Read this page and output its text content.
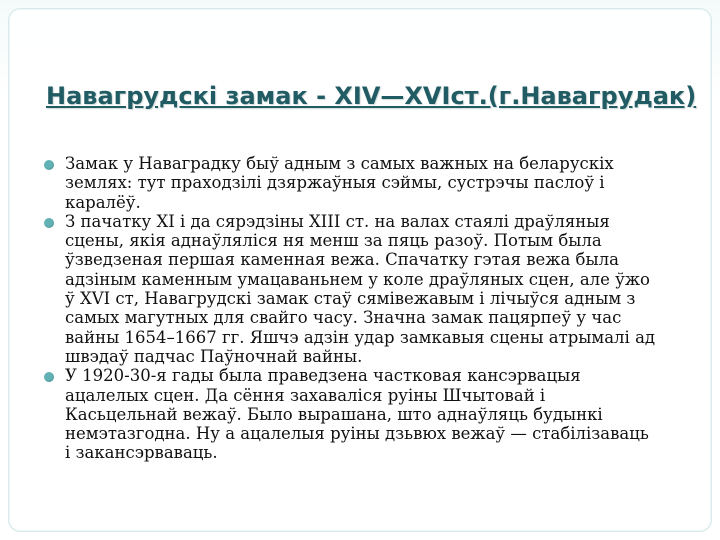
Навагрудскі замак - XIV—XVIст.(г.Навагрудак)
Замак у Наваградку быў адным з самых важных на беларускіх
землях: тут праходзілі дзяржаўныя сэймы, сустрэчы паслоў і
каралёў.
З пачатку XI і да сярэдзіны XIII ст. на валах стаялі драўляныя
сцены, якія аднаўляліся ня менш за пяць разоў. Потым была
ўзведзеная першая каменная вежа. Спачатку гэтая вежа была
адзіным каменным умацаваньнем у коле драўляных сцен, але ўжо
ў XVI ст, Навагрудскі замак стаў сямівежавым і лічыўся адным з
самых магутных для свайго часу. Значна замак пацярпеў у час
вайны 1654–1667 гг. Яшчэ адзін удар замкавыя сцены атрымалі ад
швэдаў падчас Паўночнай вайны.
У 1920-30-я гады была праведзена частковая кансэрвацыя
ацалелых сцен. Да сёння захаваліся руіны Шчытовай і
Касьцельнай вежаў. Было вырашана, што аднаўляць будынкі
немэтазгодна. Ну а ацалелыя руіны дзьвюх вежаў — стабілізаваць
і закансэрваваць.
